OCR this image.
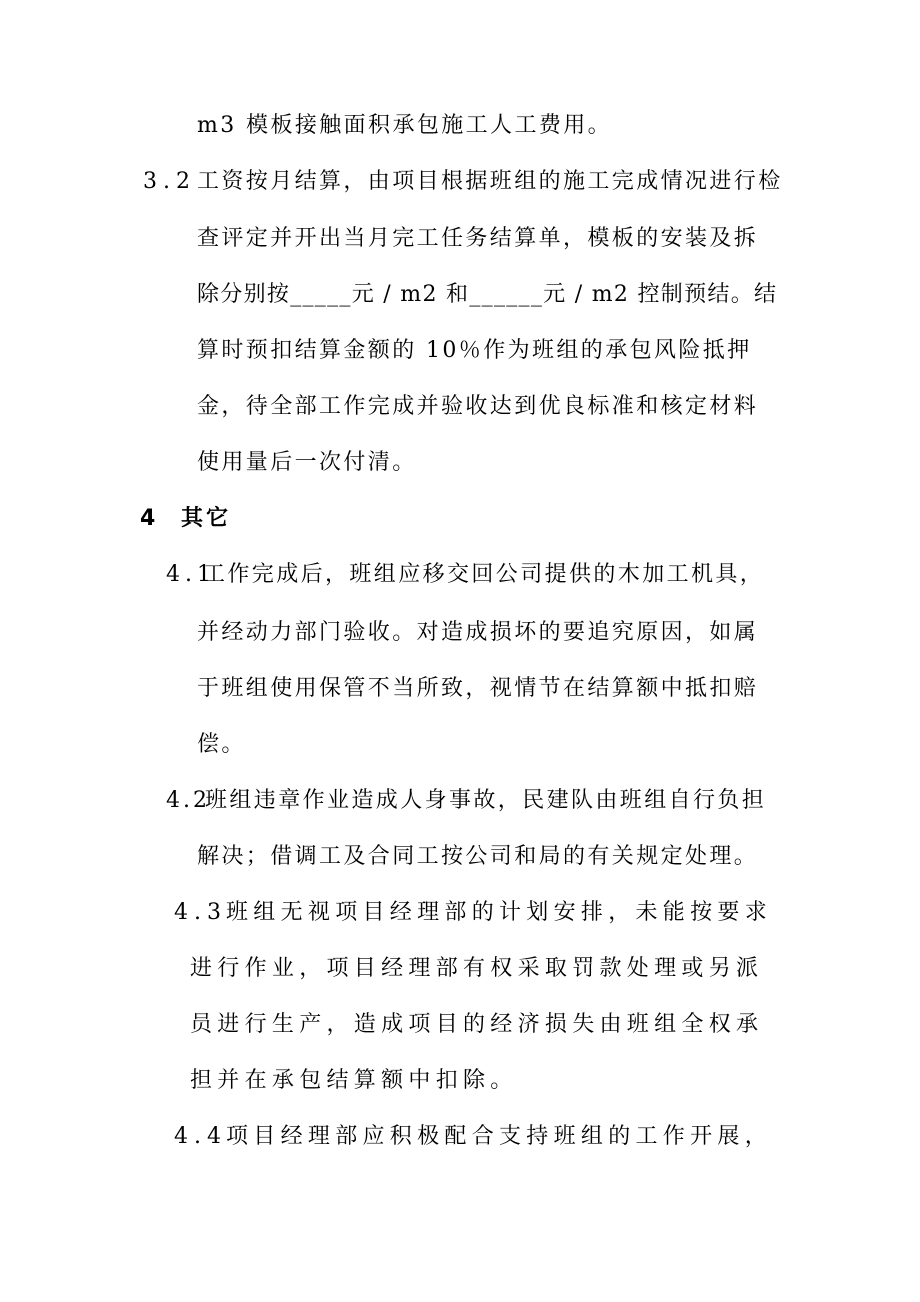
m3 模板接触面积承包施工人工费用。
3.2 工资按月结算，由项目根据班组的施工完成情况进行检
查评定并开出当月完工任务结算单，模板的安装及拆
除分别按_____元 / m2 和______元 / m2 控制预结。结
算时预扣结算金额的 10％作为班组的承包风险抵押
金，待全部工作完成并验收达到优良标准和核定材料
使用量后一次付清。
4 其它
4.1
工作完成后，班组应移交回公司提供的木加工机具，
并经动力部门验收。对造成损坏的要追究原因，如属
于班组使用保管不当所致，视情节在结算额中抵扣赔
偿。
4.2
班组违章作业造成人身事故，民建队由班组自行负担
解决；借调工及合同工按公司和局的有关规定处理。
4.3 班组无视项目经理部的计划安排，未能按要求
进行作业，项目经理部有权采取罚款处理或另派
员进行生产，造成项目的经济损失由班组全权承
担并在承包结算额中扣除。
4.4 项目经理部应积极配合支持班组的工作开展，
